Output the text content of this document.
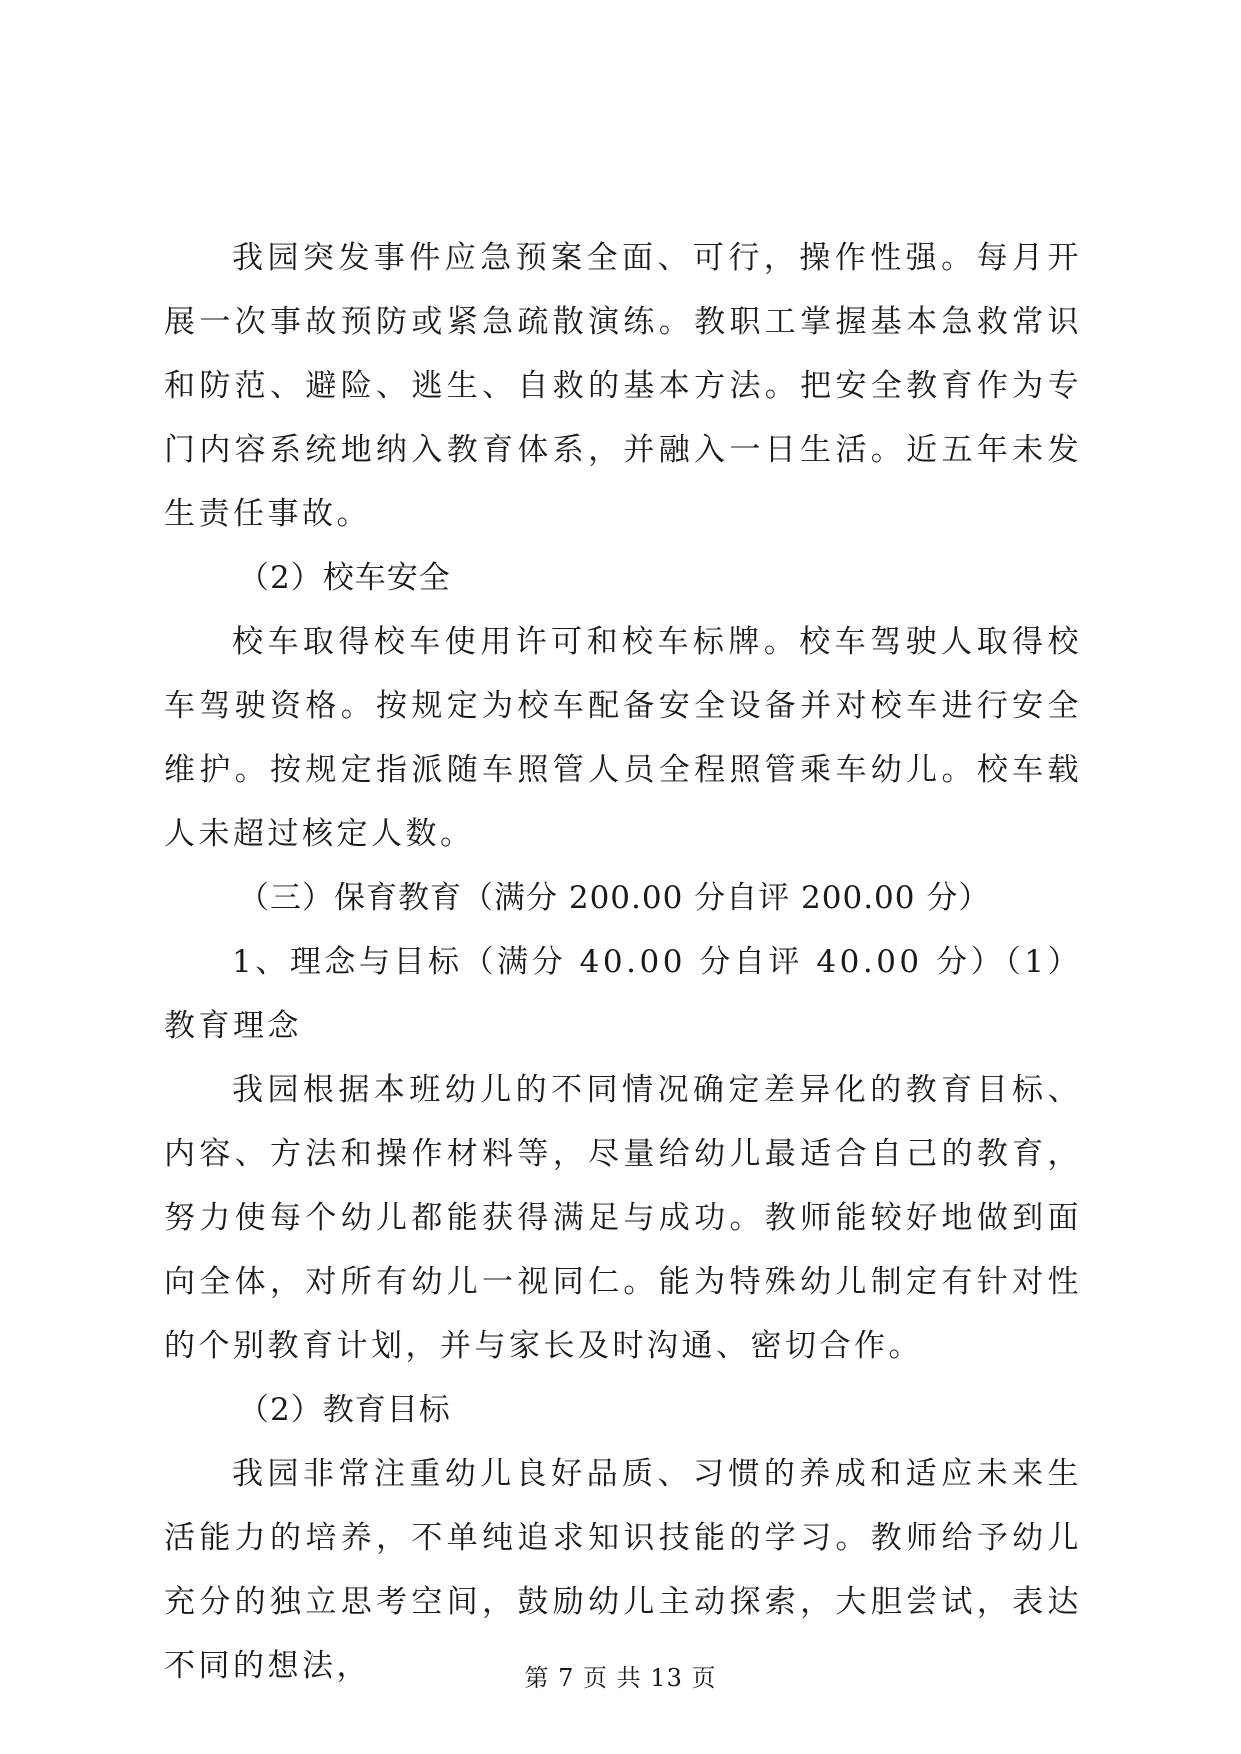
我园突发事件应急预案全面、可行，操作性强。每月开展一次事故预防或紧急疏散演练。教职工掌握基本急救常识和防范、避险、逃生、自救的基本方法。把安全教育作为专门内容系统地纳入教育体系，并融入一日生活。近五年未发生责任事故。

（2）校车安全

校车取得校车使用许可和校车标牌。校车驾驶人取得校车驾驶资格。按规定为校车配备安全设备并对校车进行安全维护。按规定指派随车照管人员全程照管乘车幼儿。校车载人未超过核定人数。

（三）保育教育（满分 200.00 分自评 200.00 分）

1、理念与目标（满分 40.00 分自评 40.00 分）（1）教育理念

我园根据本班幼儿的不同情况确定差异化的教育目标、内容、方法和操作材料等，尽量给幼儿最适合自己的教育，努力使每个幼儿都能获得满足与成功。教师能较好地做到面向全体，对所有幼儿一视同仁。能为特殊幼儿制定有针对性的个别教育计划，并与家长及时沟通、密切合作。

（2）教育目标

我园非常注重幼儿良好品质、习惯的养成和适应未来生活能力的培养，不单纯追求知识技能的学习。教师给予幼儿充分的独立思考空间，鼓励幼儿主动探索，大胆尝试，表达不同的想法，	第 7 页 共 13 页
